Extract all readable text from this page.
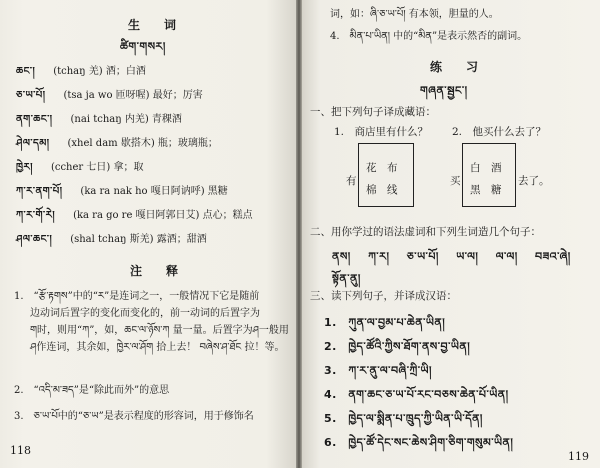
生　词
ཚིག་གསར།
ཆང་། (tchaŋ 羌) 酒；白酒
ཅ་ཡ་པོ། (tsa ja wo 匝呀喔) 最好；厉害
ནག་ཆང་། (nai tchaŋ 内羌) 青稞酒
ཤེལ་དམ། (xhel dam 歇搭木) 瓶；玻璃瓶；
ཁྱེར། (ccher 七日) 拿；取
ཀ་ར་ནག་པོ། (ka ra nak ho 嘎日阿讷呼) 黑糖
ཀ་ར་གོ་རེ། (ka ra go re 嘎日阿郭日艾) 点心；糕点
ཤལ་ཆང་། (shal tchaŋ 斯羌) 露酒；甜酒
注　释
1.　“རྩོ་རྟགས”中的“ར”是连词之一，一般情况下它是随前
边动词后置字的变化而变化的，前一动词的后置字为
ག时，则用“ཀ”，如，ཆང་ལ་ཉོས་ཀ 量一量。后置字为ཤ一般用
ཤ作连词，其余如，ཁྱེར་ལ་ཤོག 拾上去！ བཞེས་ཤ་ཐོང 拉！等。
2.　“འདི་མ་ཟད”是“除此而外”的意思
3.　ཅ་ཡ་པོ中的“ཅ་ཡ”是表示程度的形容词，用于修饰名
118
词，如：ཞི་ཅ་ཡ་པོ། 有本领，胆量的人。
4.　མིན་པ་ཡིན། 中的“མིན”是表示然否的副词。
练　习
གཞན་སྦྱང་།
一、把下列句子译成藏语：
1.　商店里有什么？ 2.　他买什么去了？
有
花　布
棉　线
买
白　酒
黑　糖
去了。
二、用你学过的语法虚词和下列生词造几个句子：
ནས། ཀ་ར། ཅ་ཡ་པོ། ཡ་ལ། ལ་ལ། བཟའ་ཞེ།
སྟོན་ནུ།
三、读下列句子，并译成汉语：
1.　ཀུན་ལ་བྱམ་པ་ཆེན་ཡིན།
2.　ཁྱེད་ཚོའི་ཀྱིས་ཐོག་ནས་བྱ་ཡིན།
3.　ཀ་ར་ནུ་ལ་བཞི་ཀྲི་ཡི།
4.　ནག་ཆང་ཅ་ཡ་པོ་རང་བཅས་ཆེན་པོ་ཡིན།
5.　ཁྱེད་ལ་སྨིན་པ་ཁྲུད་ཀྱི་ཡིན་ཡི་དོན།
6.　ཁྱེད་ཚོ་དེང་སང་ཆེས་ཤིག་ཅིག་གསུམ་ཡིན།
119
